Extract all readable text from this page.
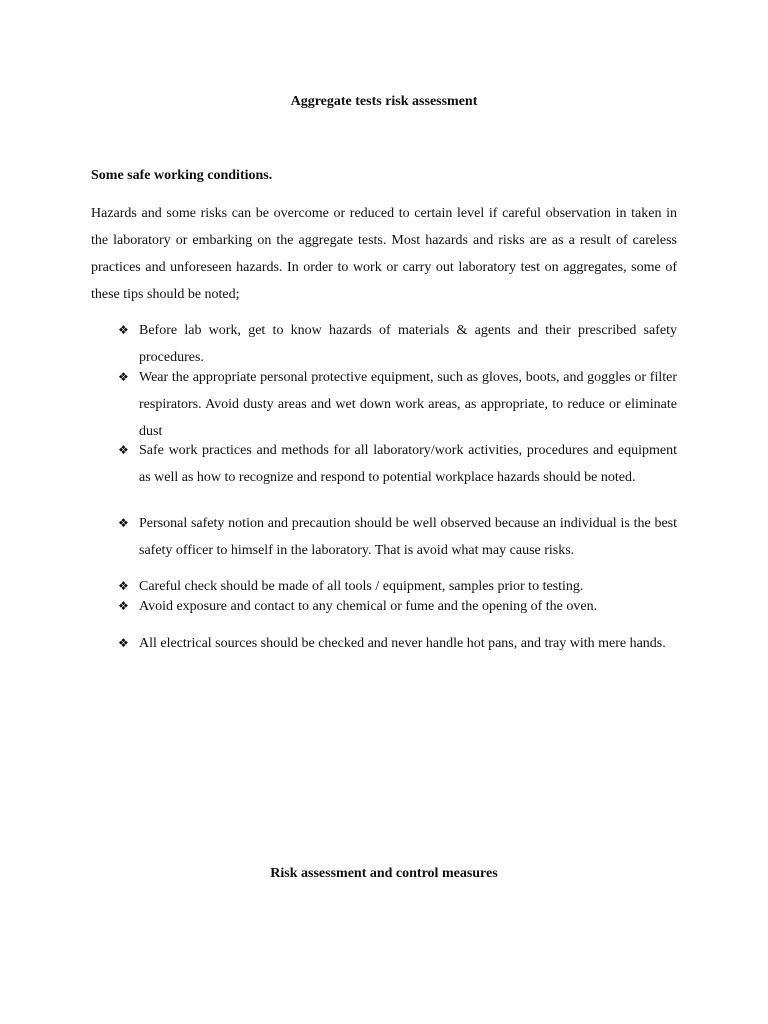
Aggregate tests risk assessment
Some safe working conditions.

Hazards and some risks can be overcome or reduced to certain level if careful observation in taken in the laboratory or embarking on the aggregate tests. Most hazards and risks are as a result of careless practices and unforeseen hazards. In order to work or carry out laboratory test on aggregates, some of these tips should be noted;

❖ Before lab work, get to know hazards of materials & agents and their prescribed safety procedures.
❖ Wear the appropriate personal protective equipment, such as gloves, boots, and goggles or filter respirators. Avoid dusty areas and wet down work areas, as appropriate, to reduce or eliminate dust
❖ Safe work practices and methods for all laboratory/work activities, procedures and equipment as well as how to recognize and respond to potential workplace hazards should be noted.
❖ Personal safety notion and precaution should be well observed because an individual is the best safety officer to himself in the laboratory. That is avoid what may cause risks.
❖ Careful check should be made of all tools / equipment, samples prior to testing.
❖ Avoid exposure and contact to any chemical or fume and the opening of the oven.
❖ All electrical sources should be checked and never handle hot pans, and tray with mere hands.
Risk assessment and control measures
